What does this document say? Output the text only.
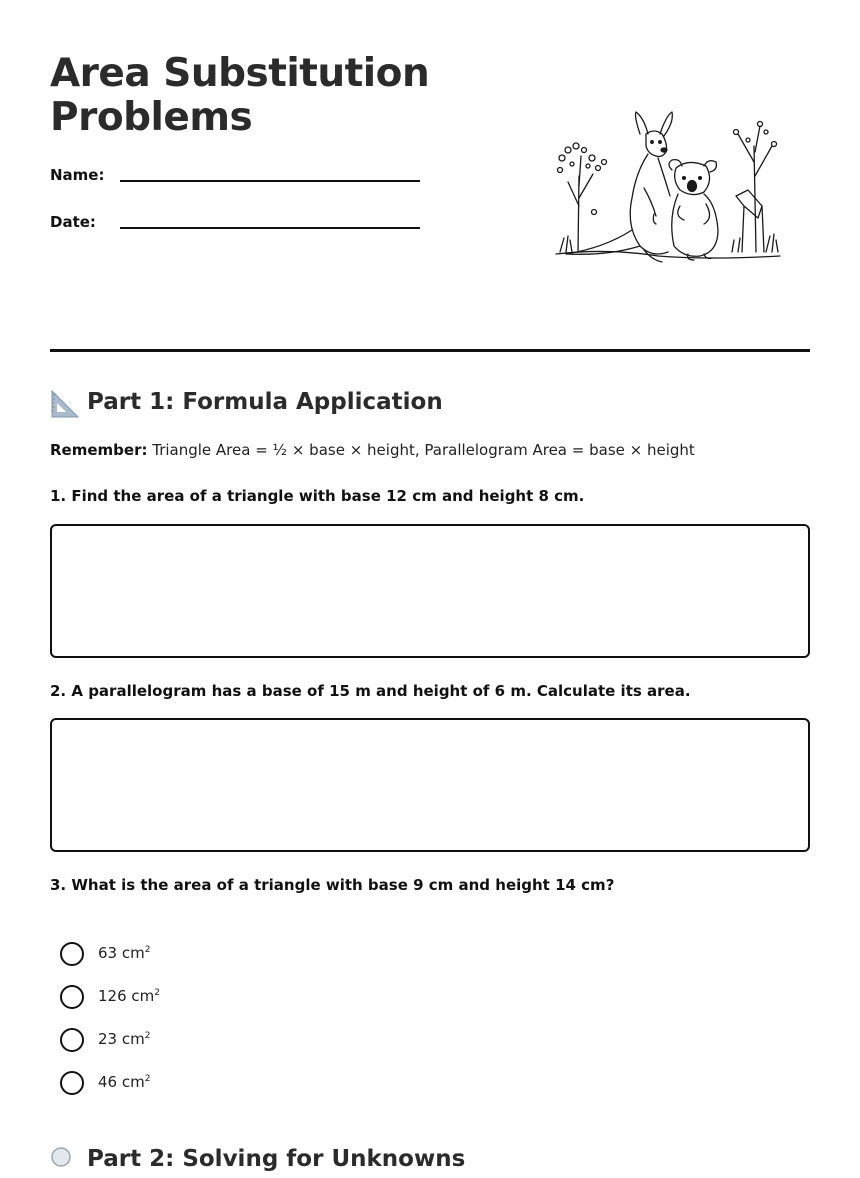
Area Substitution
Problems
Name:
Date:
Part 1: Formula Application
Remember: Triangle Area = ½ × base × height, Parallelogram Area = base × height
1. Find the area of a triangle with base 12 cm and height 8 cm.
2. A parallelogram has a base of 15 m and height of 6 m. Calculate its area.
3. What is the area of a triangle with base 9 cm and height 14 cm?
63 $cm^2$
126 $cm^2$
23 $cm^2$
46 $cm^2$
Part 2: Solving for Unknowns
